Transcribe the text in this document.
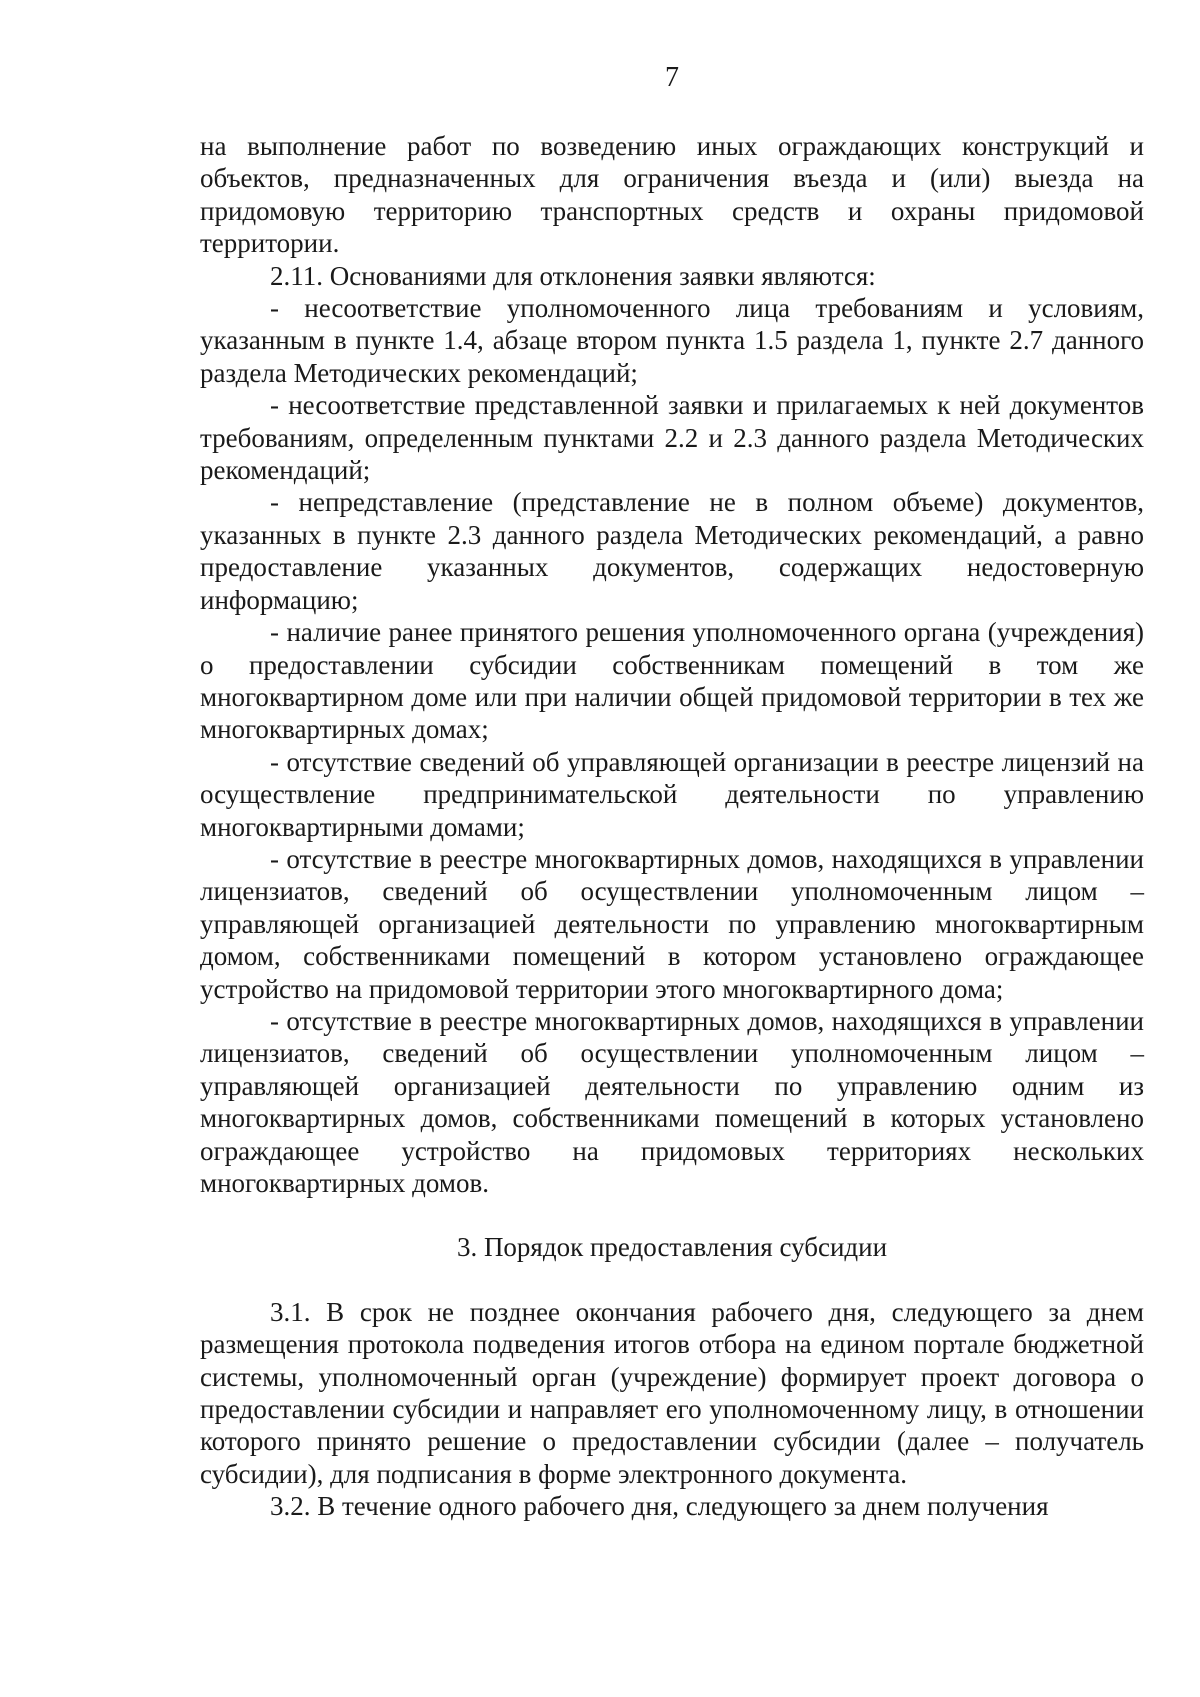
7

на выполнение работ по возведению иных ограждающих конструкций и объектов, предназначенных для ограничения въезда и (или) выезда на придомовую территорию транспортных средств и охраны придомовой территории.

2.11. Основаниями для отклонения заявки являются:

- несоответствие уполномоченного лица требованиям и условиям, указанным в пункте 1.4, абзаце втором пункта 1.5 раздела 1, пункте 2.7 данного раздела Методических рекомендаций;

- несоответствие представленной заявки и прилагаемых к ней документов требованиям, определенным пунктами 2.2 и 2.3 данного раздела Методических рекомендаций;

- непредставление (представление не в полном объеме) документов, указанных в пункте 2.3 данного раздела Методических рекомендаций, а равно предоставление указанных документов, содержащих недостоверную информацию;

- наличие ранее принятого решения уполномоченного органа (учреждения) о предоставлении субсидии собственникам помещений в том же многоквартирном доме или при наличии общей придомовой территории в тех же многоквартирных домах;

- отсутствие сведений об управляющей организации в реестре лицензий на осуществление предпринимательской деятельности по управлению многоквартирными домами;

- отсутствие в реестре многоквартирных домов, находящихся в управлении лицензиатов, сведений об осуществлении уполномоченным лицом – управляющей организацией деятельности по управлению многоквартирным домом, собственниками помещений в котором установлено ограждающее устройство на придомовой территории этого многоквартирного дома;

- отсутствие в реестре многоквартирных домов, находящихся в управлении лицензиатов, сведений об осуществлении уполномоченным лицом – управляющей организацией деятельности по управлению одним из многоквартирных домов, собственниками помещений в которых установлено ограждающее устройство на придомовых территориях нескольких многоквартирных домов.

3. Порядок предоставления субсидии

3.1. В срок не позднее окончания рабочего дня, следующего за днем размещения протокола подведения итогов отбора на едином портале бюджетной системы, уполномоченный орган (учреждение) формирует проект договора о предоставлении субсидии и направляет его уполномоченному лицу, в отношении которого принято решение о предоставлении субсидии (далее – получатель субсидии), для подписания в форме электронного документа.

3.2. В течение одного рабочего дня, следующего за днем получения
